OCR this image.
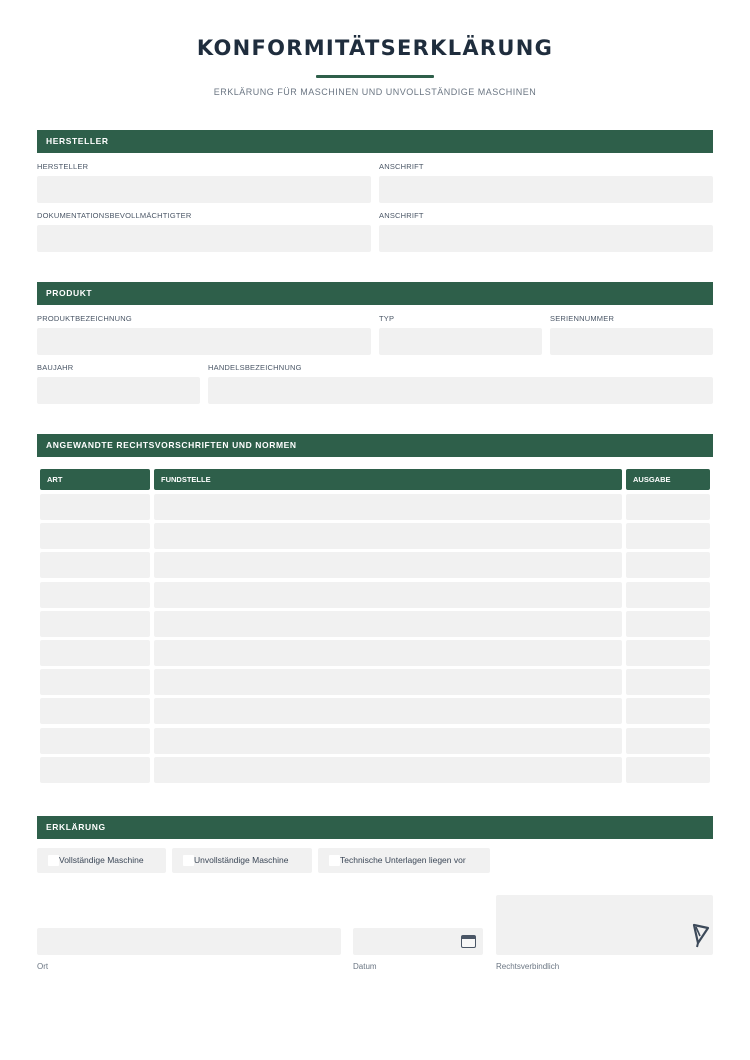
KONFORMITÄTSERKLÄRUNG
ERKLÄRUNG FÜR MASCHINEN UND UNVOLLSTÄNDIGE MASCHINEN
HERSTELLER
HERSTELLER	ANSCHRIFT
DOKUMENTATIONSBEVOLLMÄCHTIGTER	ANSCHRIFT
PRODUKT
PRODUKTBEZEICHNUNG	TYP	SERIENNUMMER
BAUJAHR	HANDELSBEZEICHNUNG
ANGEWANDTE RECHTSVORSCHRIFTEN UND NORMEN
ART	FUNDSTELLE	AUSGABE
ERKLÄRUNG
Vollständige Maschine	Unvollständige Maschine	Technische Unterlagen liegen vor
Ort	Datum	Rechtsverbindlich
